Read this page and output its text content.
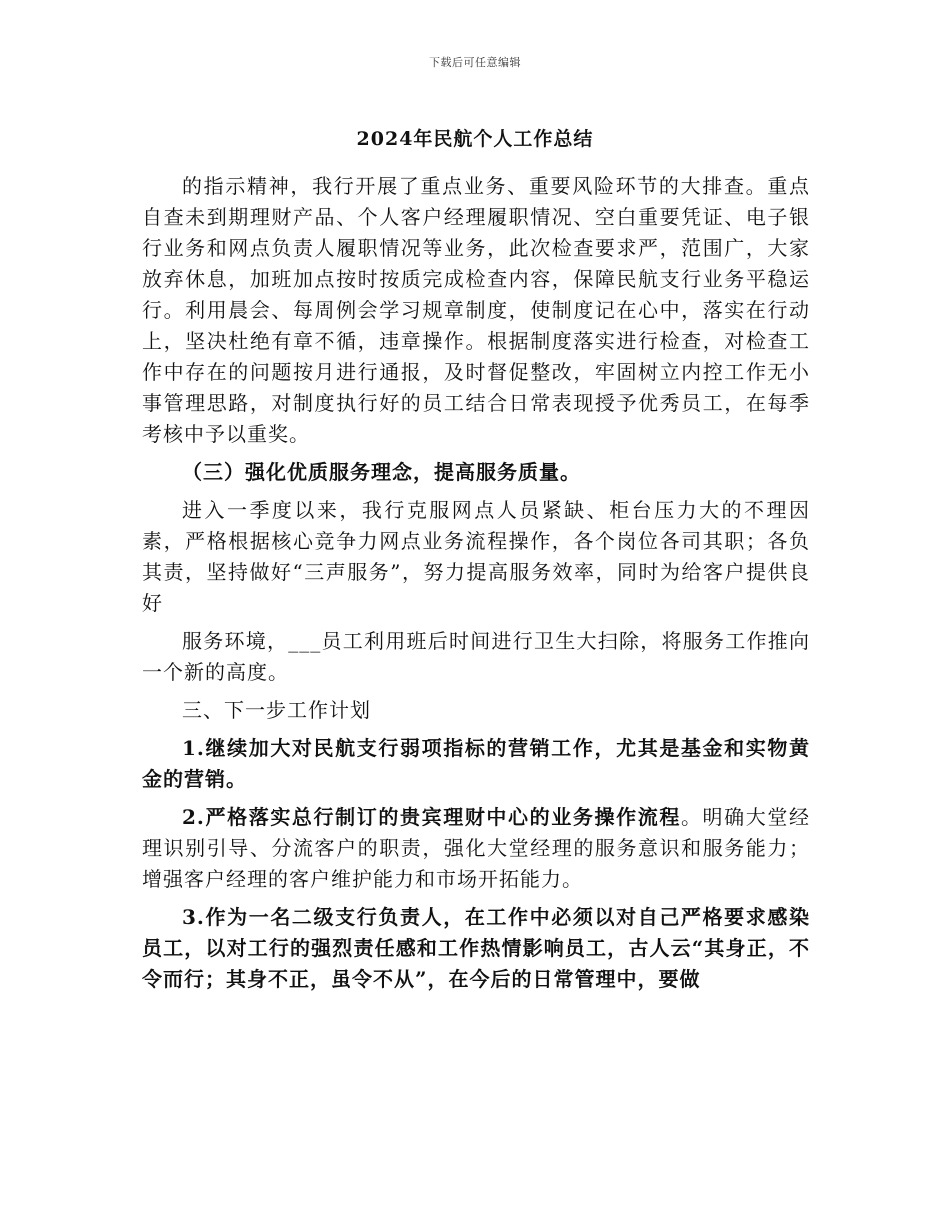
下载后可任意编辑
2024年民航个人工作总结

的指示精神，我行开展了重点业务、重要风险环节的大排查。重点自查未到期理财产品、个人客户经理履职情况、空白重要凭证、电子银行业务和网点负责人履职情况等业务，此次检查要求严，范围广，大家放弃休息，加班加点按时按质完成检查内容，保障民航支行业务平稳运行。利用晨会、每周例会学习规章制度，使制度记在心中，落实在行动上，坚决杜绝有章不循，违章操作。根据制度落实进行检查，对检查工作中存在的问题按月进行通报，及时督促整改，牢固树立内控工作无小事管理思路，对制度执行好的员工结合日常表现授予优秀员工，在每季考核中予以重奖。

（三）强化优质服务理念，提高服务质量。

进入一季度以来，我行克服网点人员紧缺、柜台压力大的不理因素，严格根据核心竞争力网点业务流程操作，各个岗位各司其职；各负其责，坚持做好“三声服务”，努力提高服务效率，同时为给客户提供良好

服务环境，___员工利用班后时间进行卫生大扫除，将服务工作推向一个新的高度。

三、下一步工作计划

1.继续加大对民航支行弱项指标的营销工作，尤其是基金和实物黄金的营销。

2.严格落实总行制订的贵宾理财中心的业务操作流程。明确大堂经理识别引导、分流客户的职责，强化大堂经理的服务意识和服务能力；增强客户经理的客户维护能力和市场开拓能力。

3.作为一名二级支行负责人，在工作中必须以对自己严格要求感染员工，以对工行的强烈责任感和工作热情影响员工，古人云“其身正，不令而行；其身不正，虽令不从”，在今后的日常管理中，要做
